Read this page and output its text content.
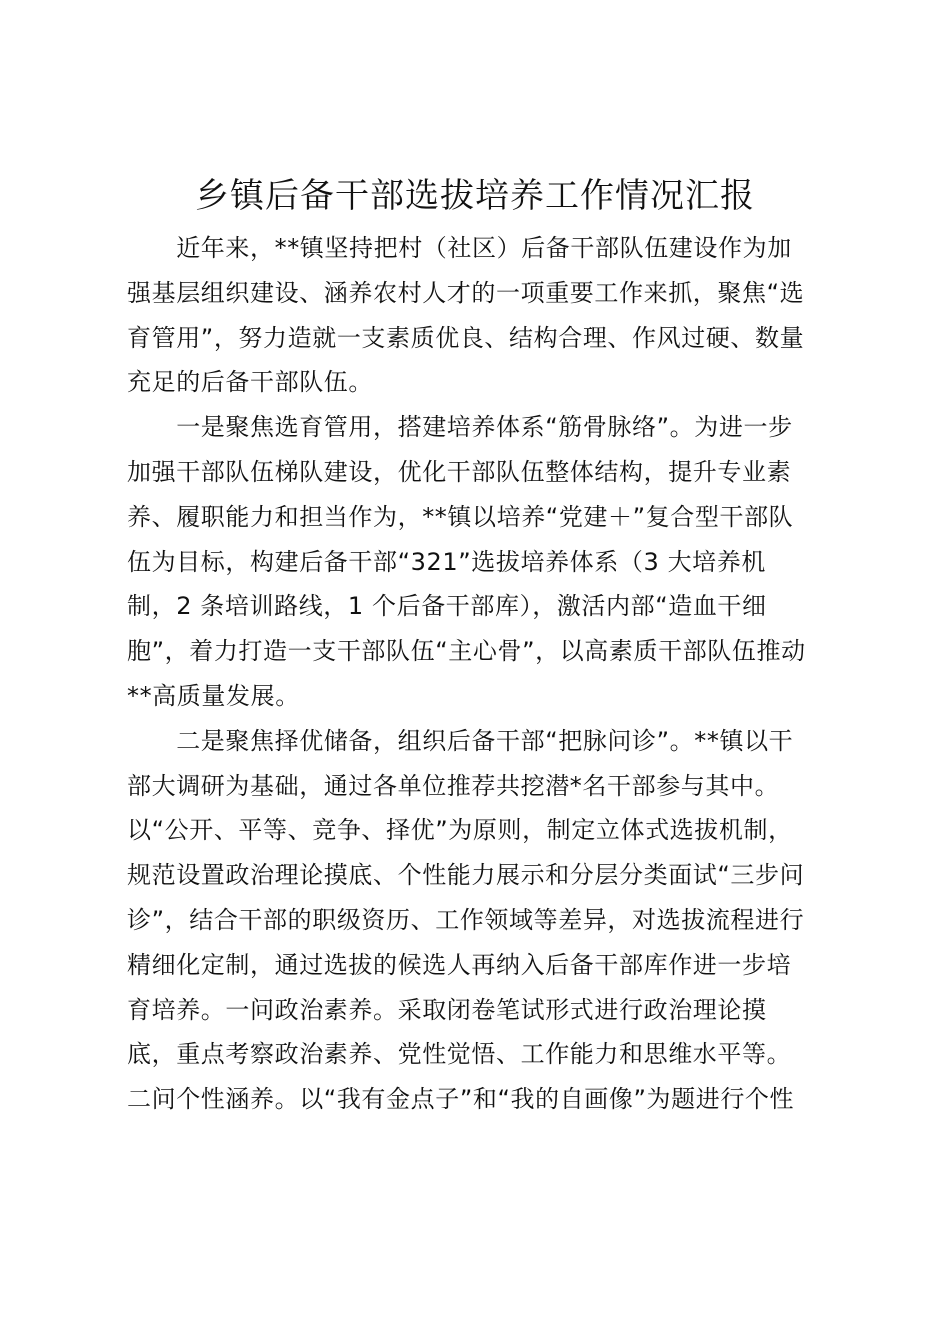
乡镇后备干部选拔培养工作情况汇报
　　近年来，**镇坚持把村（社区）后备干部队伍建设作为加
强基层组织建设、涵养农村人才的一项重要工作来抓，聚焦“选
育管用”，努力造就一支素质优良、结构合理、作风过硬、数量
充足的后备干部队伍。
　　一是聚焦选育管用，搭建培养体系“筋骨脉络”。为进一步
加强干部队伍梯队建设，优化干部队伍整体结构，提升专业素
养、履职能力和担当作为，**镇以培养“党建＋”复合型干部队
伍为目标，构建后备干部“321”选拔培养体系（3 大培养机
制，2 条培训路线，1 个后备干部库），激活内部“造血干细
胞”，着力打造一支干部队伍“主心骨”，以高素质干部队伍推动
**高质量发展。
　　二是聚焦择优储备，组织后备干部“把脉问诊”。**镇以干
部大调研为基础，通过各单位推荐共挖潜*名干部参与其中。
以“公开、平等、竞争、择优”为原则，制定立体式选拔机制，
规范设置政治理论摸底、个性能力展示和分层分类面试“三步问
诊”，结合干部的职级资历、工作领域等差异，对选拔流程进行
精细化定制，通过选拔的候选人再纳入后备干部库作进一步培
育培养。一问政治素养。采取闭卷笔试形式进行政治理论摸
底，重点考察政治素养、党性觉悟、工作能力和思维水平等。
二问个性涵养。以“我有金点子”和“我的自画像”为题进行个性
